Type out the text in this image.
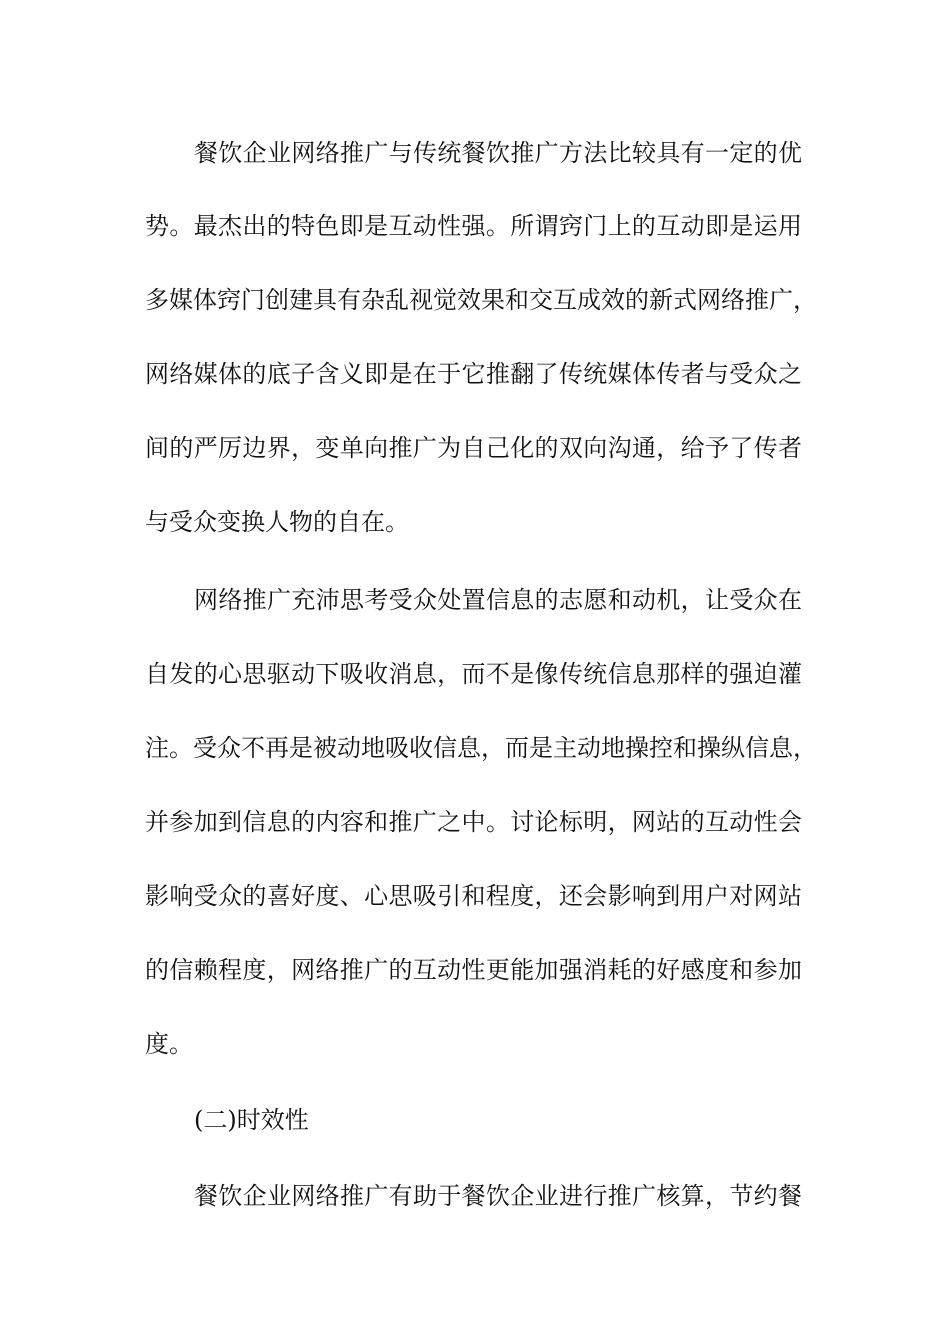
餐饮企业网络推广与传统餐饮推广方法比较具有一定的优
势。最杰出的特色即是互动性强。所谓窍门上的互动即是运用
多媒体窍门创建具有杂乱视觉效果和交互成效的新式网络推广，
网络媒体的底子含义即是在于它推翻了传统媒体传者与受众之
间的严厉边界，变单向推广为自己化的双向沟通，给予了传者
与受众变换人物的自在。
网络推广充沛思考受众处置信息的志愿和动机，让受众在
自发的心思驱动下吸收消息，而不是像传统信息那样的强迫灌
注。受众不再是被动地吸收信息，而是主动地操控和操纵信息，
并参加到信息的内容和推广之中。讨论标明，网站的互动性会
影响受众的喜好度、心思吸引和程度，还会影响到用户对网站
的信赖程度，网络推广的互动性更能加强消耗的好感度和参加
度。
(二)时效性
餐饮企业网络推广有助于餐饮企业进行推广核算，节约餐
